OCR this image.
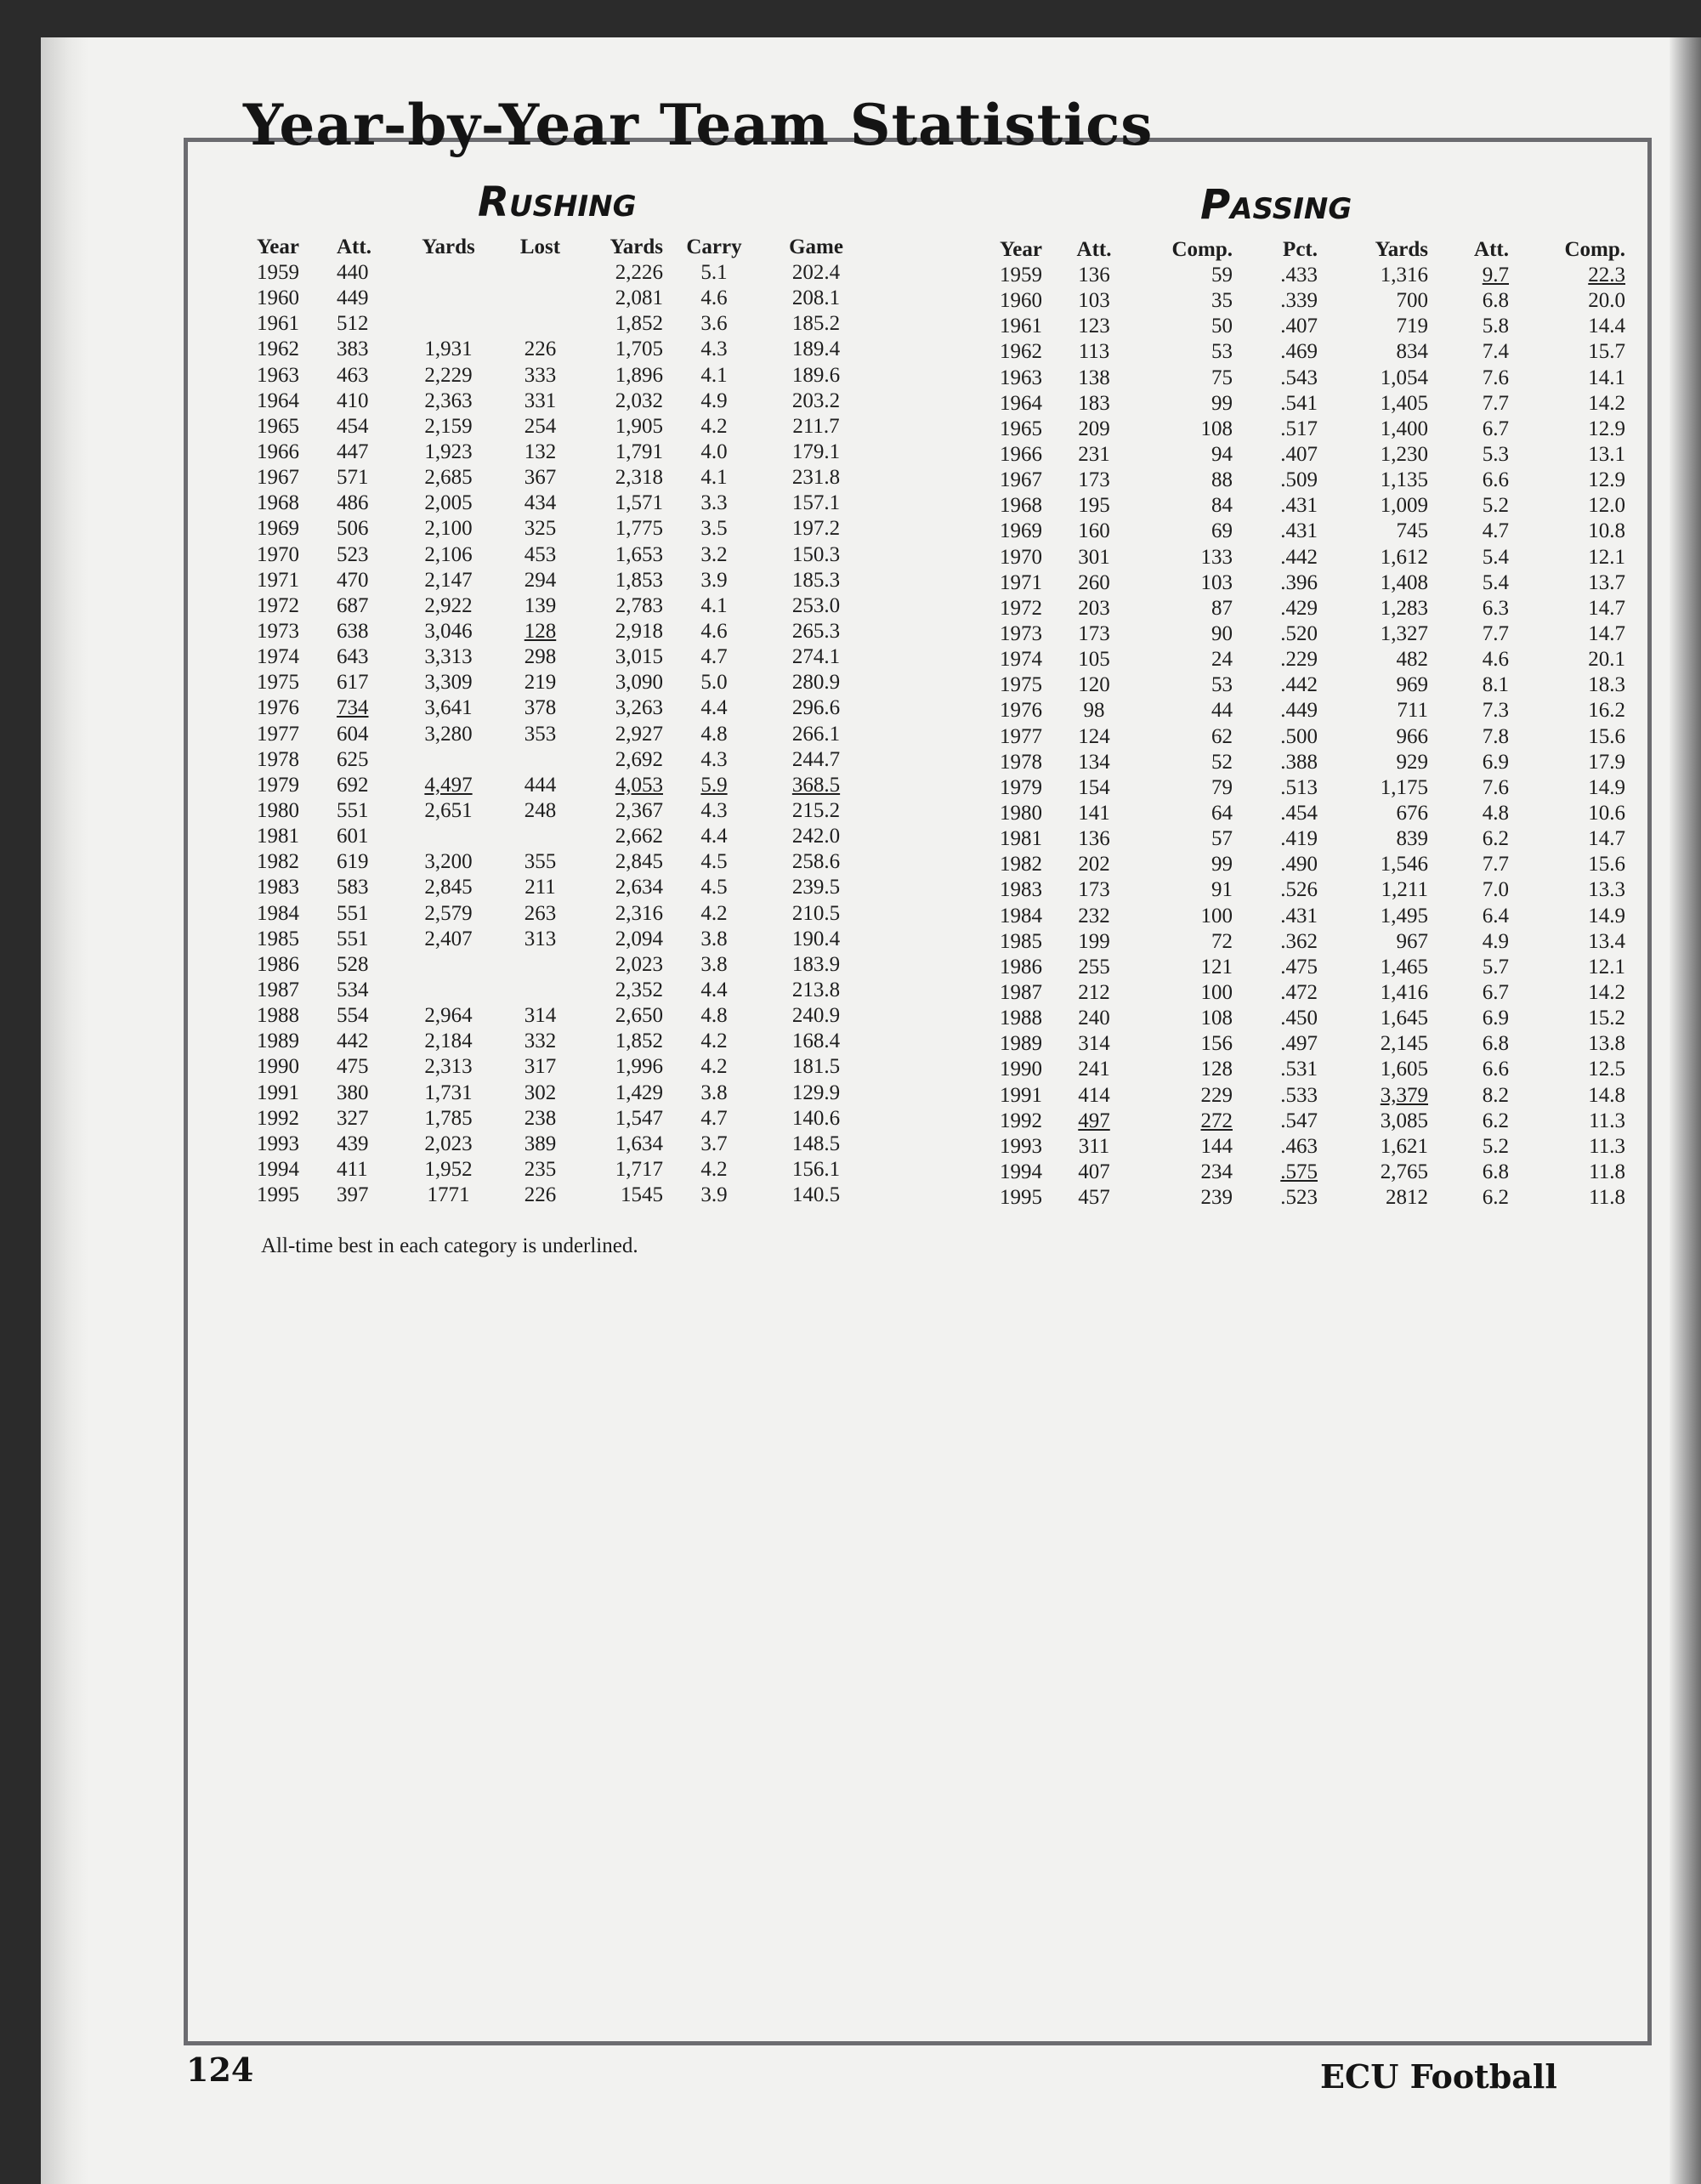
Year-by-Year Team Statistics
Rushing	Passing
Year	Att.	Yards	Lost	Yards	Carry	Game
1959	440			2,226	5.1	202.4
1960	449			2,081	4.6	208.1
1961	512			1,852	3.6	185.2
1962	383	1,931	226	1,705	4.3	189.4
1963	463	2,229	333	1,896	4.1	189.6
1964	410	2,363	331	2,032	4.9	203.2
1965	454	2,159	254	1,905	4.2	211.7
1966	447	1,923	132	1,791	4.0	179.1
1967	571	2,685	367	2,318	4.1	231.8
1968	486	2,005	434	1,571	3.3	157.1
1969	506	2,100	325	1,775	3.5	197.2
1970	523	2,106	453	1,653	3.2	150.3
1971	470	2,147	294	1,853	3.9	185.3
1972	687	2,922	139	2,783	4.1	253.0
1973	638	3,046	128	2,918	4.6	265.3
1974	643	3,313	298	3,015	4.7	274.1
1975	617	3,309	219	3,090	5.0	280.9
1976	734	3,641	378	3,263	4.4	296.6
1977	604	3,280	353	2,927	4.8	266.1
1978	625			2,692	4.3	244.7
1979	692	4,497	444	4,053	5.9	368.5
1980	551	2,651	248	2,367	4.3	215.2
1981	601			2,662	4.4	242.0
1982	619	3,200	355	2,845	4.5	258.6
1983	583	2,845	211	2,634	4.5	239.5
1984	551	2,579	263	2,316	4.2	210.5
1985	551	2,407	313	2,094	3.8	190.4
1986	528			2,023	3.8	183.9
1987	534			2,352	4.4	213.8
1988	554	2,964	314	2,650	4.8	240.9
1989	442	2,184	332	1,852	4.2	168.4
1990	475	2,313	317	1,996	4.2	181.5
1991	380	1,731	302	1,429	3.8	129.9
1992	327	1,785	238	1,547	4.7	140.6
1993	439	2,023	389	1,634	3.7	148.5
1994	411	1,952	235	1,717	4.2	156.1
1995	397	1771	226	1545	3.9	140.5
Year	Att.	Comp.	Pct.	Yards	Att.	Comp.
1959	136	59	.433	1,316	9.7	22.3
1960	103	35	.339	700	6.8	20.0
1961	123	50	.407	719	5.8	14.4
1962	113	53	.469	834	7.4	15.7
1963	138	75	.543	1,054	7.6	14.1
1964	183	99	.541	1,405	7.7	14.2
1965	209	108	.517	1,400	6.7	12.9
1966	231	94	.407	1,230	5.3	13.1
1967	173	88	.509	1,135	6.6	12.9
1968	195	84	.431	1,009	5.2	12.0
1969	160	69	.431	745	4.7	10.8
1970	301	133	.442	1,612	5.4	12.1
1971	260	103	.396	1,408	5.4	13.7
1972	203	87	.429	1,283	6.3	14.7
1973	173	90	.520	1,327	7.7	14.7
1974	105	24	.229	482	4.6	20.1
1975	120	53	.442	969	8.1	18.3
1976	98	44	.449	711	7.3	16.2
1977	124	62	.500	966	7.8	15.6
1978	134	52	.388	929	6.9	17.9
1979	154	79	.513	1,175	7.6	14.9
1980	141	64	.454	676	4.8	10.6
1981	136	57	.419	839	6.2	14.7
1982	202	99	.490	1,546	7.7	15.6
1983	173	91	.526	1,211	7.0	13.3
1984	232	100	.431	1,495	6.4	14.9
1985	199	72	.362	967	4.9	13.4
1986	255	121	.475	1,465	5.7	12.1
1987	212	100	.472	1,416	6.7	14.2
1988	240	108	.450	1,645	6.9	15.2
1989	314	156	.497	2,145	6.8	13.8
1990	241	128	.531	1,605	6.6	12.5
1991	414	229	.533	3,379	8.2	14.8
1992	497	272	.547	3,085	6.2	11.3
1993	311	144	.463	1,621	5.2	11.3
1994	407	234	.575	2,765	6.8	11.8
1995	457	239	.523	2812	6.2	11.8
All-time best in each category is underlined.
124	ECU Football
